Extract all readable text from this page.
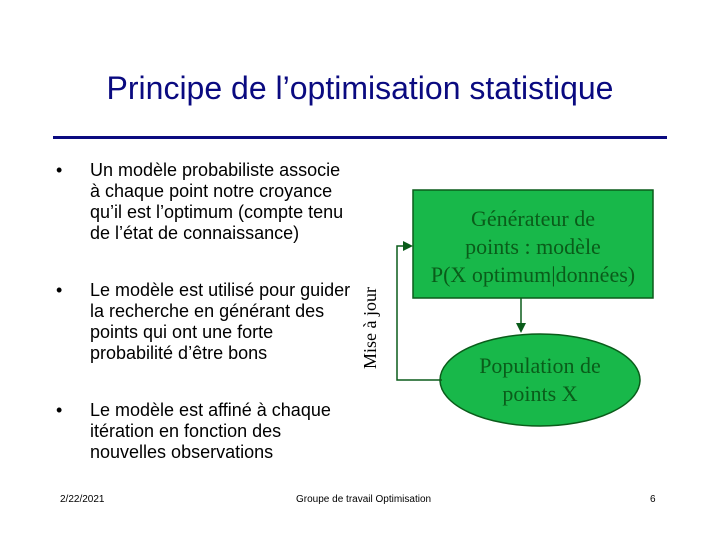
Principe de l’optimisation statistique
• Un modèle probabiliste associe à chaque point notre croyance qu’il est l’optimum (compte tenu de l’état de connaissance)
• Le modèle est utilisé pour guider la recherche en générant des points qui ont une forte probabilité d’être bons
• Le modèle est affiné à chaque itération en fonction des nouvelles observations
Mise à jour
Générateur de
points : modèle
P(X optimum|données)
Population de
points X
2/22/2021	Groupe de travail Optimisation	6
